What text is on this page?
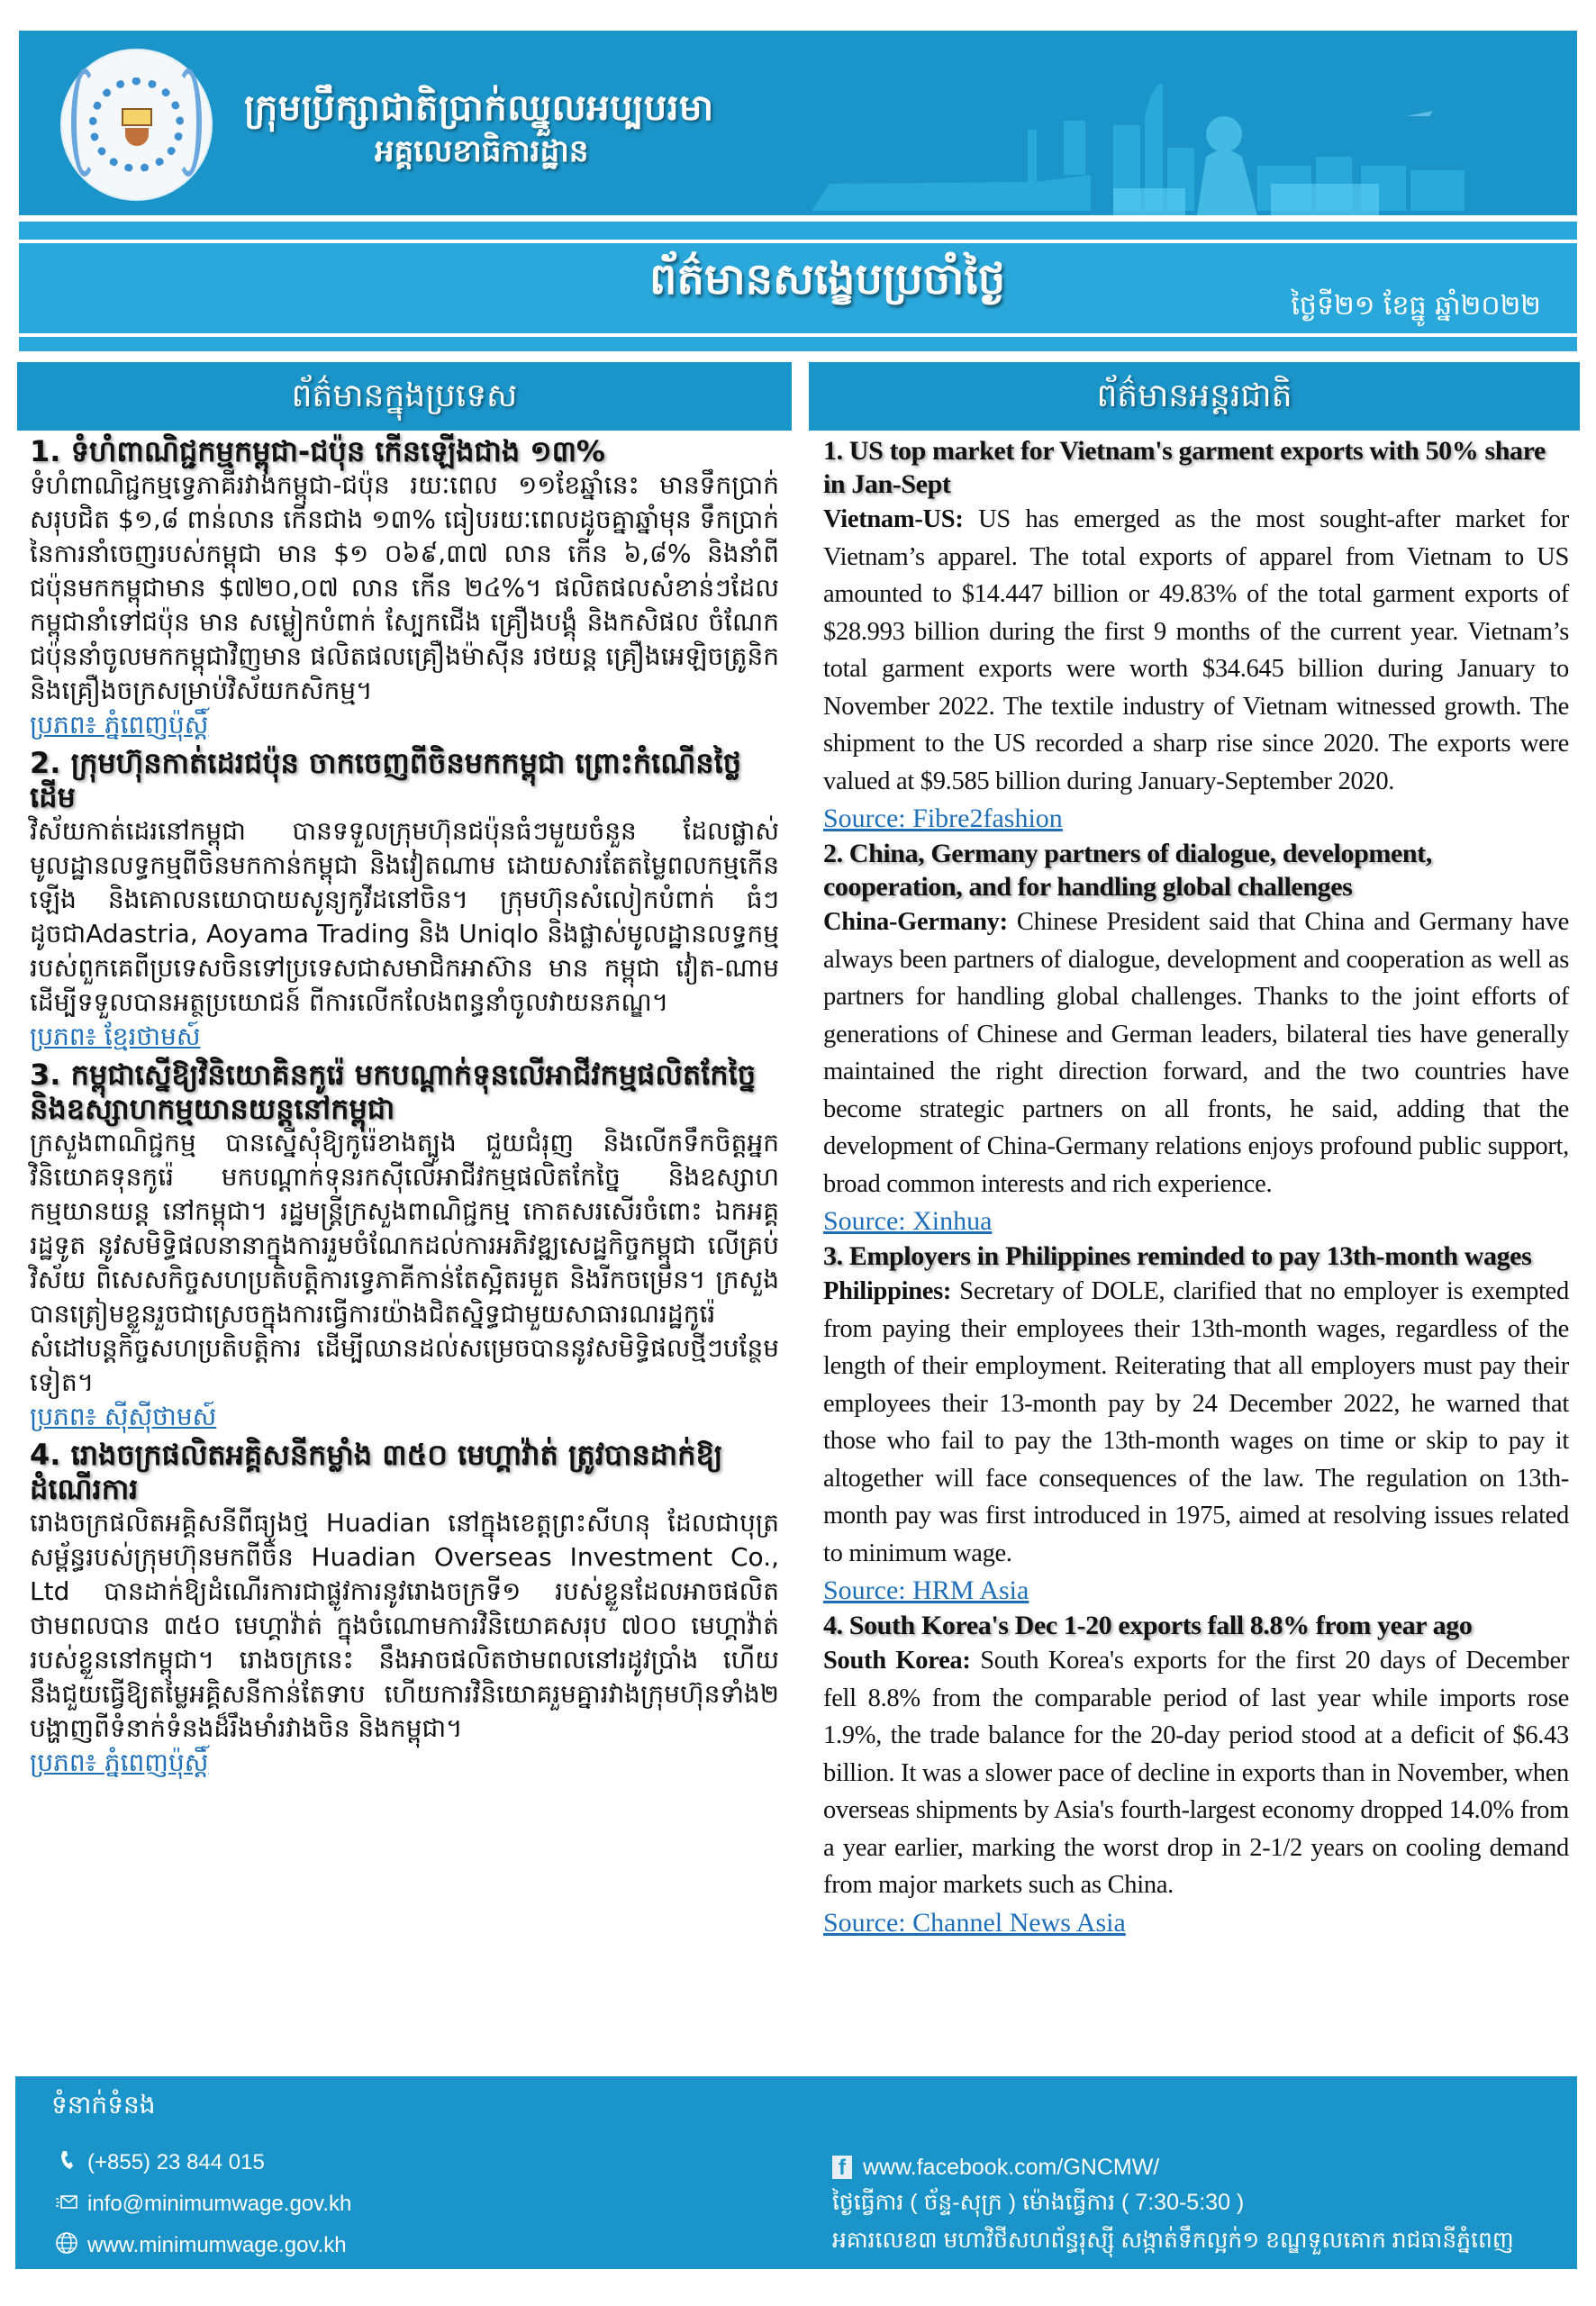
ក្រុមប្រឹក្សាជាតិប្រាក់ឈ្នួលអប្បបរមា
អគ្គលេខាធិការដ្ឋាន
ព័ត៌មានសង្ខេបប្រចាំថ្ងៃ
ថ្ងៃទី២១ ខែធ្នូ ឆ្នាំ២០២២
ព័ត៌មានក្នុងប្រទេស

1. ទំហំពាណិជ្ជកម្មកម្ពុជា-ជប៉ុន កើនឡើងជាង ១៣%

ទំហំពាណិជ្ជកម្មទ្វេភាគីរវាងកម្ពុជា-ជប៉ុន រយៈពេល ១១ខែឆ្នាំនេះ មានទឹកប្រាក់សរុបជិត $១,៨ ពាន់លាន កើនជាង ១៣% ធៀបរយៈពេលដូចគ្នាឆ្នាំមុន ទឹកប្រាក់នៃការនាំចេញរបស់កម្ពុជា មាន $១ ០៦៩,៣៧ លាន កើន ៦,៨% និងនាំពីជប៉ុនមកកម្ពុជាមាន $៧២០,០៧ លាន កើន ២៤%។ ផលិតផលសំខាន់ៗដែលកម្ពុជានាំទៅជប៉ុន មាន សម្លៀកបំពាក់ ស្បែកជើង គ្រឿងបង្គុំ និងកសិផល ចំណែកជប៉ុននាំចូលមកកម្ពុជាវិញមាន ផលិតផលគ្រឿងម៉ាស៊ីន រថយន្ត គ្រឿងអេឡិចត្រូនិក និងគ្រឿងចក្រសម្រាប់វិស័យកសិកម្ម។

ប្រភព៖ ភ្នំពេញប៉ុស្តិ៍

2. ក្រុមហ៊ុនកាត់ដេរជប៉ុន ចាកចេញពីចិនមកកម្ពុជា ព្រោះកំណើនថ្លៃដើម

វិស័យកាត់ដេរនៅកម្ពុជា បានទទួលក្រុមហ៊ុនជប៉ុនធំៗមួយចំនួន ដែលផ្លាស់មូលដ្ឋានលទ្ធកម្មពីចិនមកកាន់កម្ពុជា និងវៀតណាម ដោយសារតែតម្លៃពលកម្មកើនឡើង និងគោលនយោបាយសូន្យកូវីដនៅចិន។ ក្រុមហ៊ុនសំលៀកបំពាក់ ធំៗ ដូចជាAdastria, Aoyama Trading និង Uniqlo និងផ្លាស់មូលដ្ឋានលទ្ធកម្មរបស់ពួកគេពីប្រទេសចិនទៅប្រទេសជាសមាជិកអាស៊ាន មាន កម្ពុជា វៀត-ណាម ដើម្បីទទួលបានអត្ថប្រយោជន៍ ពីការលើកលែងពន្ធនាំចូលវាយនភណ្ឌ។

ប្រភព៖ ខ្មែរថាមស៍

3. កម្ពុជាស្នើឱ្យវិនិយោគិនកូរ៉េ មកបណ្ដាក់ទុនលើអាជីវកម្មផលិតកែច្នៃនិងឧស្សាហកម្មយានយន្តនៅកម្ពុជា

ក្រសួងពាណិជ្ជកម្ម បានស្នើសុំឱ្យកូរ៉េខាងត្បូង ជួយជំរុញ និងលើកទឹកចិត្តអ្នកវិនិយោគទុនកូរ៉េ មកបណ្ដាក់ទុនរកស៊ីលើអាជីវកម្មផលិតកែច្នៃ និងឧស្សាហកម្មយានយន្ត នៅកម្ពុជា។ រដ្ឋមន្ត្រីក្រសួងពាណិជ្ជកម្ម កោតសរសើរចំពោះ ឯកអគ្គរដ្ឋទូត នូវសមិទ្ធិផលនានាក្នុងការរួមចំណែកដល់ការអភិវឌ្ឍសេដ្ឋកិច្ចកម្ពុជា លើគ្រប់វិស័យ ពិសេសកិច្ចសហប្រតិបត្តិការទ្វេភាគីកាន់តែស្អិតរមួត និងរីកចម្រើន។ ក្រសួង បានត្រៀមខ្លួនរួចជាស្រេចក្នុងការធ្វើការយ៉ាងជិតស្និទ្ធជាមួយសាធារណរដ្ឋកូរ៉េ សំដៅបន្តកិច្ចសហប្រតិបត្តិការ ដើម្បីឈានដល់សម្រេចបាននូវសមិទ្ធិផលថ្មីៗបន្ថែមទៀត។

ប្រភព៖ ស៊ីស៊ីថាមស៍

4. រោងចក្រផលិតអគ្គិសនីកម្លាំង ៣៥០ មេហ្គាវ៉ាត់ ត្រូវបានដាក់ឱ្យដំណើរការ

រោងចក្រផលិតអគ្គិសនីពីធ្យូងថ្ម Huadian នៅក្នុងខេត្តព្រះសីហនុ ដែលជាបុត្រសម្ព័ន្ធរបស់ក្រុមហ៊ុនមកពីចិន Huadian Overseas Investment Co., Ltd បានដាក់ឱ្យដំណើរការជាផ្លូវការនូវរោងចក្រទី១ របស់ខ្លួនដែលអាចផលិតថាមពលបាន ៣៥០ មេហ្គាវ៉ាត់ ក្នុងចំណោមការវិនិយោគសរុប ៧០០ មេហ្គាវ៉ាត់របស់ខ្លួននៅកម្ពុជា។ រោងចក្រនេះ នឹងអាចផលិតថាមពលនៅរដូវប្រាំង ហើយនឹងជួយធ្វើឱ្យតម្លៃអគ្គិសនីកាន់តែទាប ហើយការវិនិយោគរួមគ្នារវាងក្រុមហ៊ុនទាំង២ បង្ហាញពីទំនាក់ទំនងដ៏រឹងមាំរវាងចិន និងកម្ពុជា។

ប្រភព៖ ភ្នំពេញប៉ុស្តិ៍
ព័ត៌មានអន្តរជាតិ

1. US top market for Vietnam's garment exports with 50% share in Jan-Sept

Vietnam-US: US has emerged as the most sought-after market for Vietnam’s apparel. The total exports of apparel from Vietnam to US amounted to $14.447 billion or 49.83% of the total garment exports of $28.993 billion during the first 9 months of the current year. Vietnam’s total garment exports were worth $34.645 billion during January to November 2022. The textile industry of Vietnam witnessed growth. The shipment to the US recorded a sharp rise since 2020. The exports were valued at $9.585 billion during January-September 2020.

Source: Fibre2fashion

2. China, Germany partners of dialogue, development, cooperation, and for handling global challenges

China-Germany: Chinese President said that China and Germany have always been partners of dialogue, development and cooperation as well as partners for handling global challenges. Thanks to the joint efforts of generations of Chinese and German leaders, bilateral ties have generally maintained the right direction forward, and the two countries have become strategic partners on all fronts, he said, adding that the development of China-Germany relations enjoys profound public support, broad common interests and rich experience.

Source: Xinhua

3. Employers in Philippines reminded to pay 13th-month wages

Philippines: Secretary of DOLE, clarified that no employer is exempted from paying their employees their 13th-month wages, regardless of the length of their employment. Reiterating that all employers must pay their employees their 13-month pay by 24 December 2022, he warned that those who fail to pay the 13th-month wages on time or skip to pay it altogether will face consequences of the law. The regulation on 13th-month pay was first introduced in 1975, aimed at resolving issues related to minimum wage.

Source: HRM Asia

4. South Korea's Dec 1-20 exports fall 8.8% from year ago

South Korea: South Korea's exports for the first 20 days of December fell 8.8% from the comparable period of last year while imports rose 1.9%, the trade balance for the 20-day period stood at a deficit of $6.43 billion. It was a slower pace of decline in exports than in November, when overseas shipments by Asia's fourth-largest economy dropped 14.0% from a year earlier, marking the worst drop in 2-1/2 years on cooling demand from major markets such as China.

Source: Channel News Asia
ទំនាក់ទំនង
(+855) 23 844 015
info@minimumwage.gov.kh
www.minimumwage.gov.kh
f www.facebook.com/GNCMW/
ថ្ងៃធ្វើការ ( ច័ន្ទ-សុក្រ ) ម៉ោងធ្វើការ ( 7:30-5:30 )
អគារលេខ៣ មហាវិថីសហព័ន្ធរុស្ស៊ី សង្កាត់ទឹកល្អក់១ ខណ្ឌទួលគោក រាជធានីភ្នំពេញ
